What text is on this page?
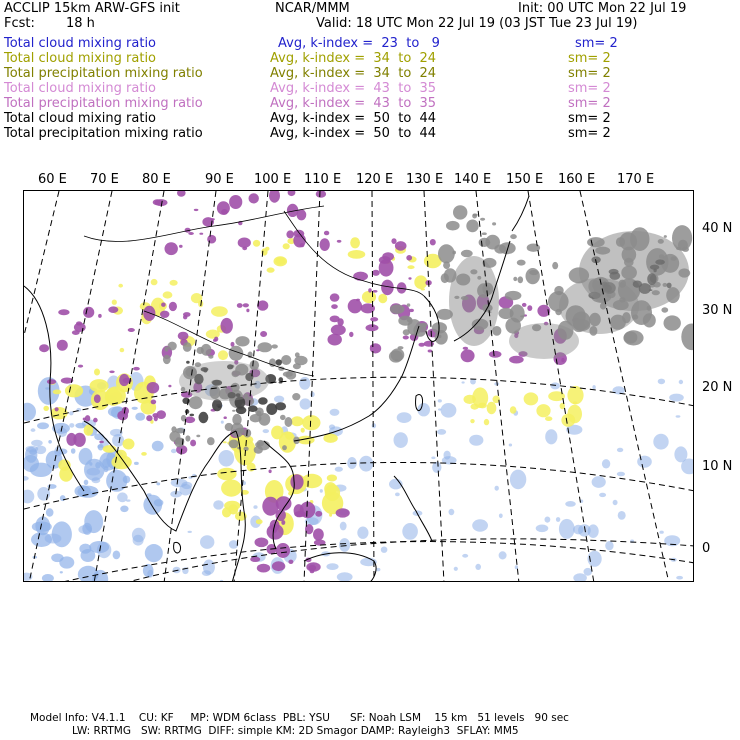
ACCLIP 15km ARW-GFS init	NCAR/MMM	Init: 00 UTC Mon 22 Jul 19
Fcst: 18 h	Valid: 18 UTC Mon 22 Jul 19 (03 JST Tue 23 Jul 19)
Total cloud mixing ratio	Avg, k-index =  23  to   9	sm= 2
Total cloud mixing ratio	Avg, k-index =  34  to  24	sm= 2
Total precipitation mixing ratio	Avg, k-index =  34  to  24	sm= 2
Total cloud mixing ratio	Avg, k-index =  43  to  35	sm= 2
Total precipitation mixing ratio	Avg, k-index =  43  to  35	sm= 2
Total cloud mixing ratio	Avg, k-index =  50  to  44	sm= 2
Total precipitation mixing ratio	Avg, k-index =  50  to  44	sm= 2
60 E 70 E 80 E	90 E 100 E 110 E 120 E 130 E 140 E 150 E 160 E 170 E
40 N
30 N
20 N
10 N
0
Model Info: V4.1.1    CU: KF     MP: WDM 6class  PBL: YSU      SF: Noah LSM    15 km   51 levels   90 sec
LW: RRTMG   SW: RRTMG  DIFF: simple KM: 2D Smagor DAMP: Rayleigh3  SFLAY: MM5
